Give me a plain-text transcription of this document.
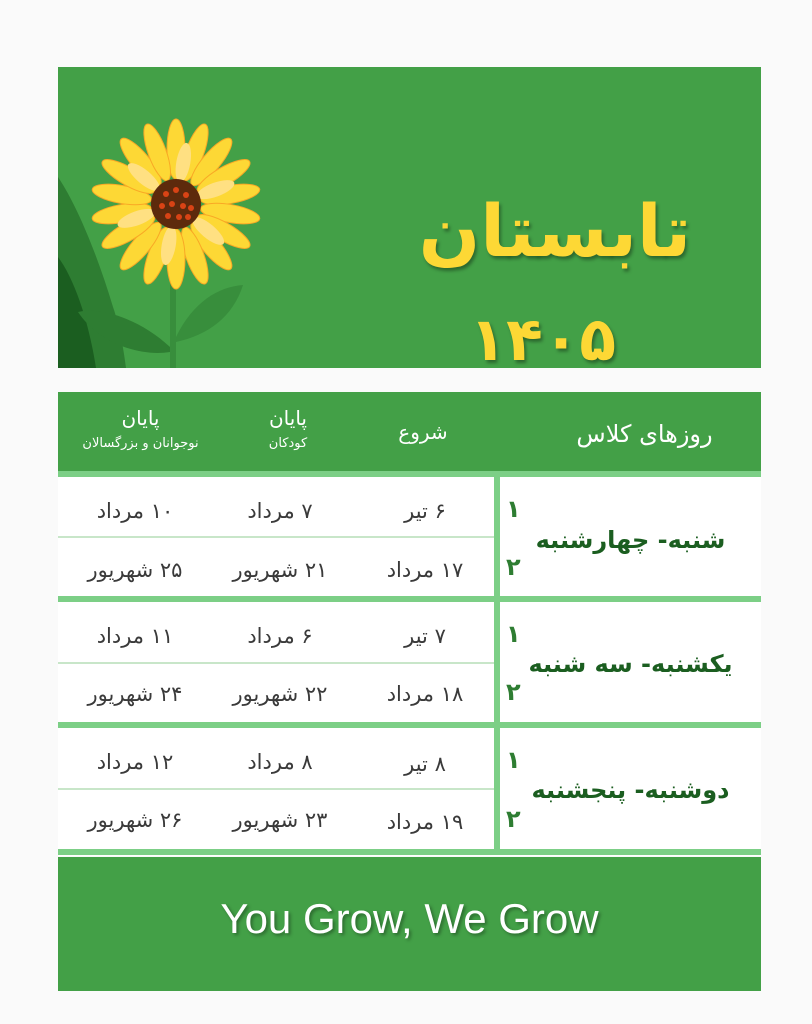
تابستان
۱۴۰۵
روزهای کلاس
شروع
پایان
کودکان
پایان
نوجوانان و بزرگسالان
شنبه- چهارشنبه
۱
۲
۶ تیر
۷ مرداد
۱۰ مرداد
۱۷ مرداد
۲۱ شهریور
۲۵ شهریور
یکشنبه- سه شنبه
۱
۲
۷ تیر
۶ مرداد
۱۱ مرداد
۱۸ مرداد
۲۲ شهریور
۲۴ شهریور
دوشنبه- پنجشنبه
۱
۲
۸ تیر
۸ مرداد
۱۲ مرداد
۱۹ مرداد
۲۳ شهریور
۲۶ شهریور
You Grow, We Grow
